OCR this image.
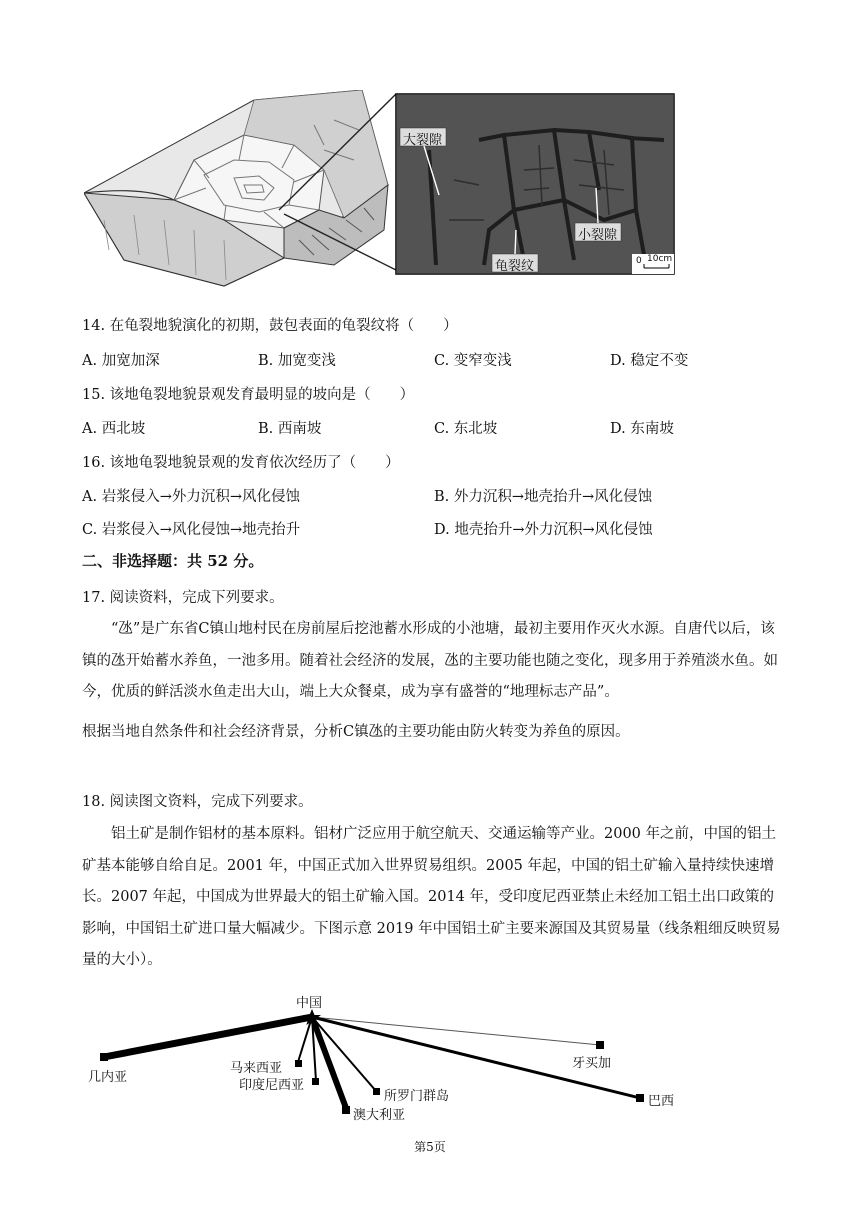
大裂隙
小裂隙
龟裂纹	0 10cm
14. 在龟裂地貌演化的初期，鼓包表面的龟裂纹将（　　）
A. 加宽加深	B. 加宽变浅	C. 变窄变浅	D. 稳定不变
15. 该地龟裂地貌景观发育最明显的坡向是（　　）
A. 西北坡	B. 西南坡	C. 东北坡	D. 东南坡
16. 该地龟裂地貌景观的发育依次经历了（　　）
A. 岩浆侵入→外力沉积→风化侵蚀	B. 外力沉积→地壳抬升→风化侵蚀
C. 岩浆侵入→风化侵蚀→地壳抬升	D. 地壳抬升→外力沉积→风化侵蚀
二、非选择题：共 52 分。
17. 阅读资料，完成下列要求。
“氹”是广东省C镇山地村民在房前屋后挖池蓄水形成的小池塘，最初主要用作灭火水源。自唐代以后，该镇的氹开始蓄水养鱼，一池多用。随着社会经济的发展，氹的主要功能也随之变化，现多用于养殖淡水鱼。如今，优质的鲜活淡水鱼走出大山，端上大众餐桌，成为享有盛誉的“地理标志产品”。
根据当地自然条件和社会经济背景，分析C镇氹的主要功能由防火转变为养鱼的原因。
18. 阅读图文资料，完成下列要求。
铝土矿是制作铝材的基本原料。铝材广泛应用于航空航天、交通运输等产业。2000 年之前，中国的铝土矿基本能够自给自足。2001 年，中国正式加入世界贸易组织。2005 年起，中国的铝土矿输入量持续快速增长。2007 年起，中国成为世界最大的铝土矿输入国。2014 年，受印度尼西亚禁止未经加工铝土出口政策的影响，中国铝土矿进口量大幅减少。下图示意 2019 年中国铝土矿主要来源国及其贸易量（线条粗细反映贸易量的大小）。
中国
几内亚
马来西亚
印度尼西亚
澳大利亚
所罗门群岛
牙买加
巴西
第5页
